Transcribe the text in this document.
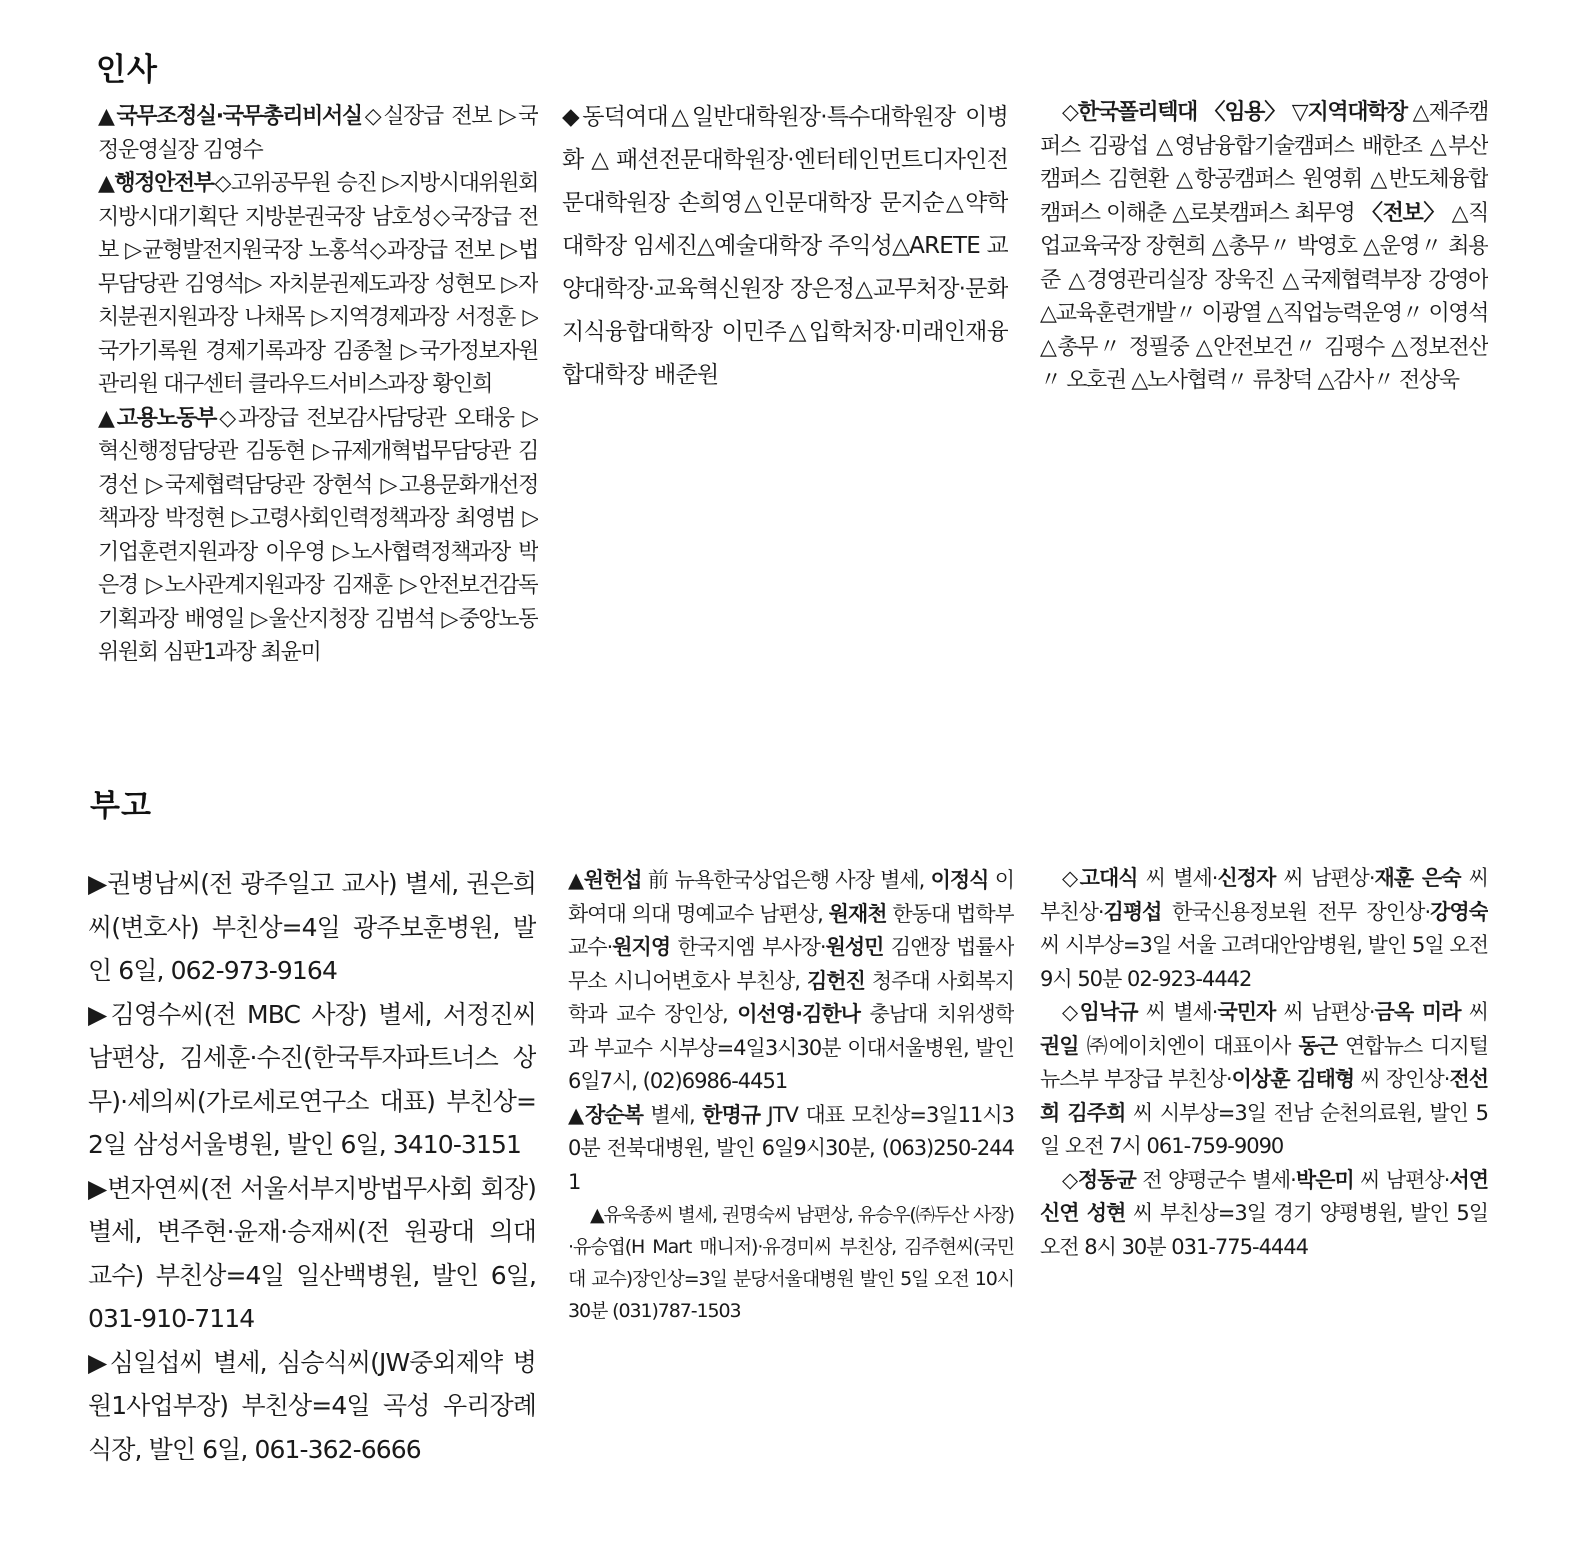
인사

▲국무조정실·국무총리비서실◇실장급 전보 ▷국정운영실장 김영수

▲행정안전부◇고위공무원 승진 ▷지방시대위원회 지방시대기획단 지방분권국장 남호성◇국장급 전보 ▷균형발전지원국장 노홍석◇과장급 전보 ▷법무담당관 김영석▷ 자치분권제도과장 성현모 ▷자치분권지원과장 나채목 ▷지역경제과장 서정훈 ▷국가기록원 경제기록과장 김종철 ▷국가정보자원관리원 대구센터 클라우드서비스과장 황인희

▲고용노동부◇과장급 전보감사담당관 오태웅 ▷혁신행정담당관 김동현 ▷규제개혁법무담당관 김경선 ▷국제협력담당관 장현석 ▷고용문화개선정책과장 박정현 ▷고령사회인력정책과장 최영범 ▷기업훈련지원과장 이우영 ▷노사협력정책과장 박은경 ▷노사관계지원과장 김재훈 ▷안전보건감독기획과장 배영일 ▷울산지청장 김범석 ▷중앙노동위원회 심판1과장 최윤미

◆동덕여대△일반대학원장·특수대학원장 이병화△패션전문대학원장·엔터테인먼트디자인전문대학원장 손희영△인문대학장 문지순△약학대학장 임세진△예술대학장 주익성△ARETE 교양대학장·교육혁신원장 장은정△교무처장·문화지식융합대학장 이민주△입학처장·미래인재융합대학장 배준원

◇한국폴리텍대 〈임용〉 ▽지역대학장 △제주캠퍼스 김광섭 △영남융합기술캠퍼스 배한조 △부산캠퍼스 김현환 △항공캠퍼스 원영휘 △반도체융합캠퍼스 이해춘 △로봇캠퍼스 최무영 〈전보〉 △직업교육국장 장현희 △총무〃 박영호 △운영〃 최용준 △경영관리실장 장욱진 △국제협력부장 강영아 △교육훈련개발〃 이광열 △직업능력운영〃 이영석 △총무〃 정필중 △안전보건〃 김평수 △정보전산〃 오호권 △노사협력〃 류창덕 △감사〃 전상욱

부고

▶권병남씨(전 광주일고 교사) 별세, 권은희씨(변호사) 부친상=4일 광주보훈병원, 발인 6일, 062-973-9164

▶김영수씨(전 MBC 사장) 별세, 서정진씨 남편상, 김세훈·수진(한국투자파트너스 상무)·세의씨(가로세로연구소 대표) 부친상=2일 삼성서울병원, 발인 6일, 3410-3151

▶변자연씨(전 서울서부지방법무사회 회장) 별세, 변주현·윤재·승재씨(전 원광대 의대 교수) 부친상=4일 일산백병원, 발인 6일, 031-910-7114

▶심일섭씨 별세, 심승식씨(JW중외제약 병원1사업부장) 부친상=4일 곡성 우리장례식장, 발인 6일, 061-362-6666

▲원헌섭 前 뉴욕한국상업은행 사장 별세, 이정식 이화여대 의대 명예교수 남편상, 원재천 한동대 법학부 교수·원지영 한국지엠 부사장·원성민 김앤장 법률사무소 시니어변호사 부친상, 김헌진 청주대 사회복지학과 교수 장인상, 이선영·김한나 충남대 치위생학과 부교수 시부상=4일3시30분 이대서울병원, 발인 6일7시, (02)6986-4451

▲장순복 별세, 한명규 JTV 대표 모친상=3일11시30분 전북대병원, 발인 6일9시30분, (063)250-2441

▲유욱종씨 별세, 권명숙씨 남편상, 유승우(㈜두산 사장)·유승엽(H Mart 매니저)·유경미씨 부친상, 김주현씨(국민대 교수)장인상=3일 분당서울대병원 발인 5일 오전 10시 30분 (031)787-1503

◇고대식 씨 별세·신정자 씨 남편상·재훈 은숙 씨 부친상·김평섭 한국신용정보원 전무 장인상·강영숙 씨 시부상=3일 서울 고려대안암병원, 발인 5일 오전 9시 50분 02-923-4442

◇임낙규 씨 별세·국민자 씨 남편상·금옥 미라 씨 권일 ㈜에이치엔이 대표이사 동근 연합뉴스 디지털뉴스부 부장급 부친상·이상훈 김태형 씨 장인상·전선희 김주희 씨 시부상=3일 전남 순천의료원, 발인 5일 오전 7시 061-759-9090

◇정동균 전 양평군수 별세·박은미 씨 남편상·서연 신연 성현 씨 부친상=3일 경기 양평병원, 발인 5일 오전 8시 30분 031-775-4444
